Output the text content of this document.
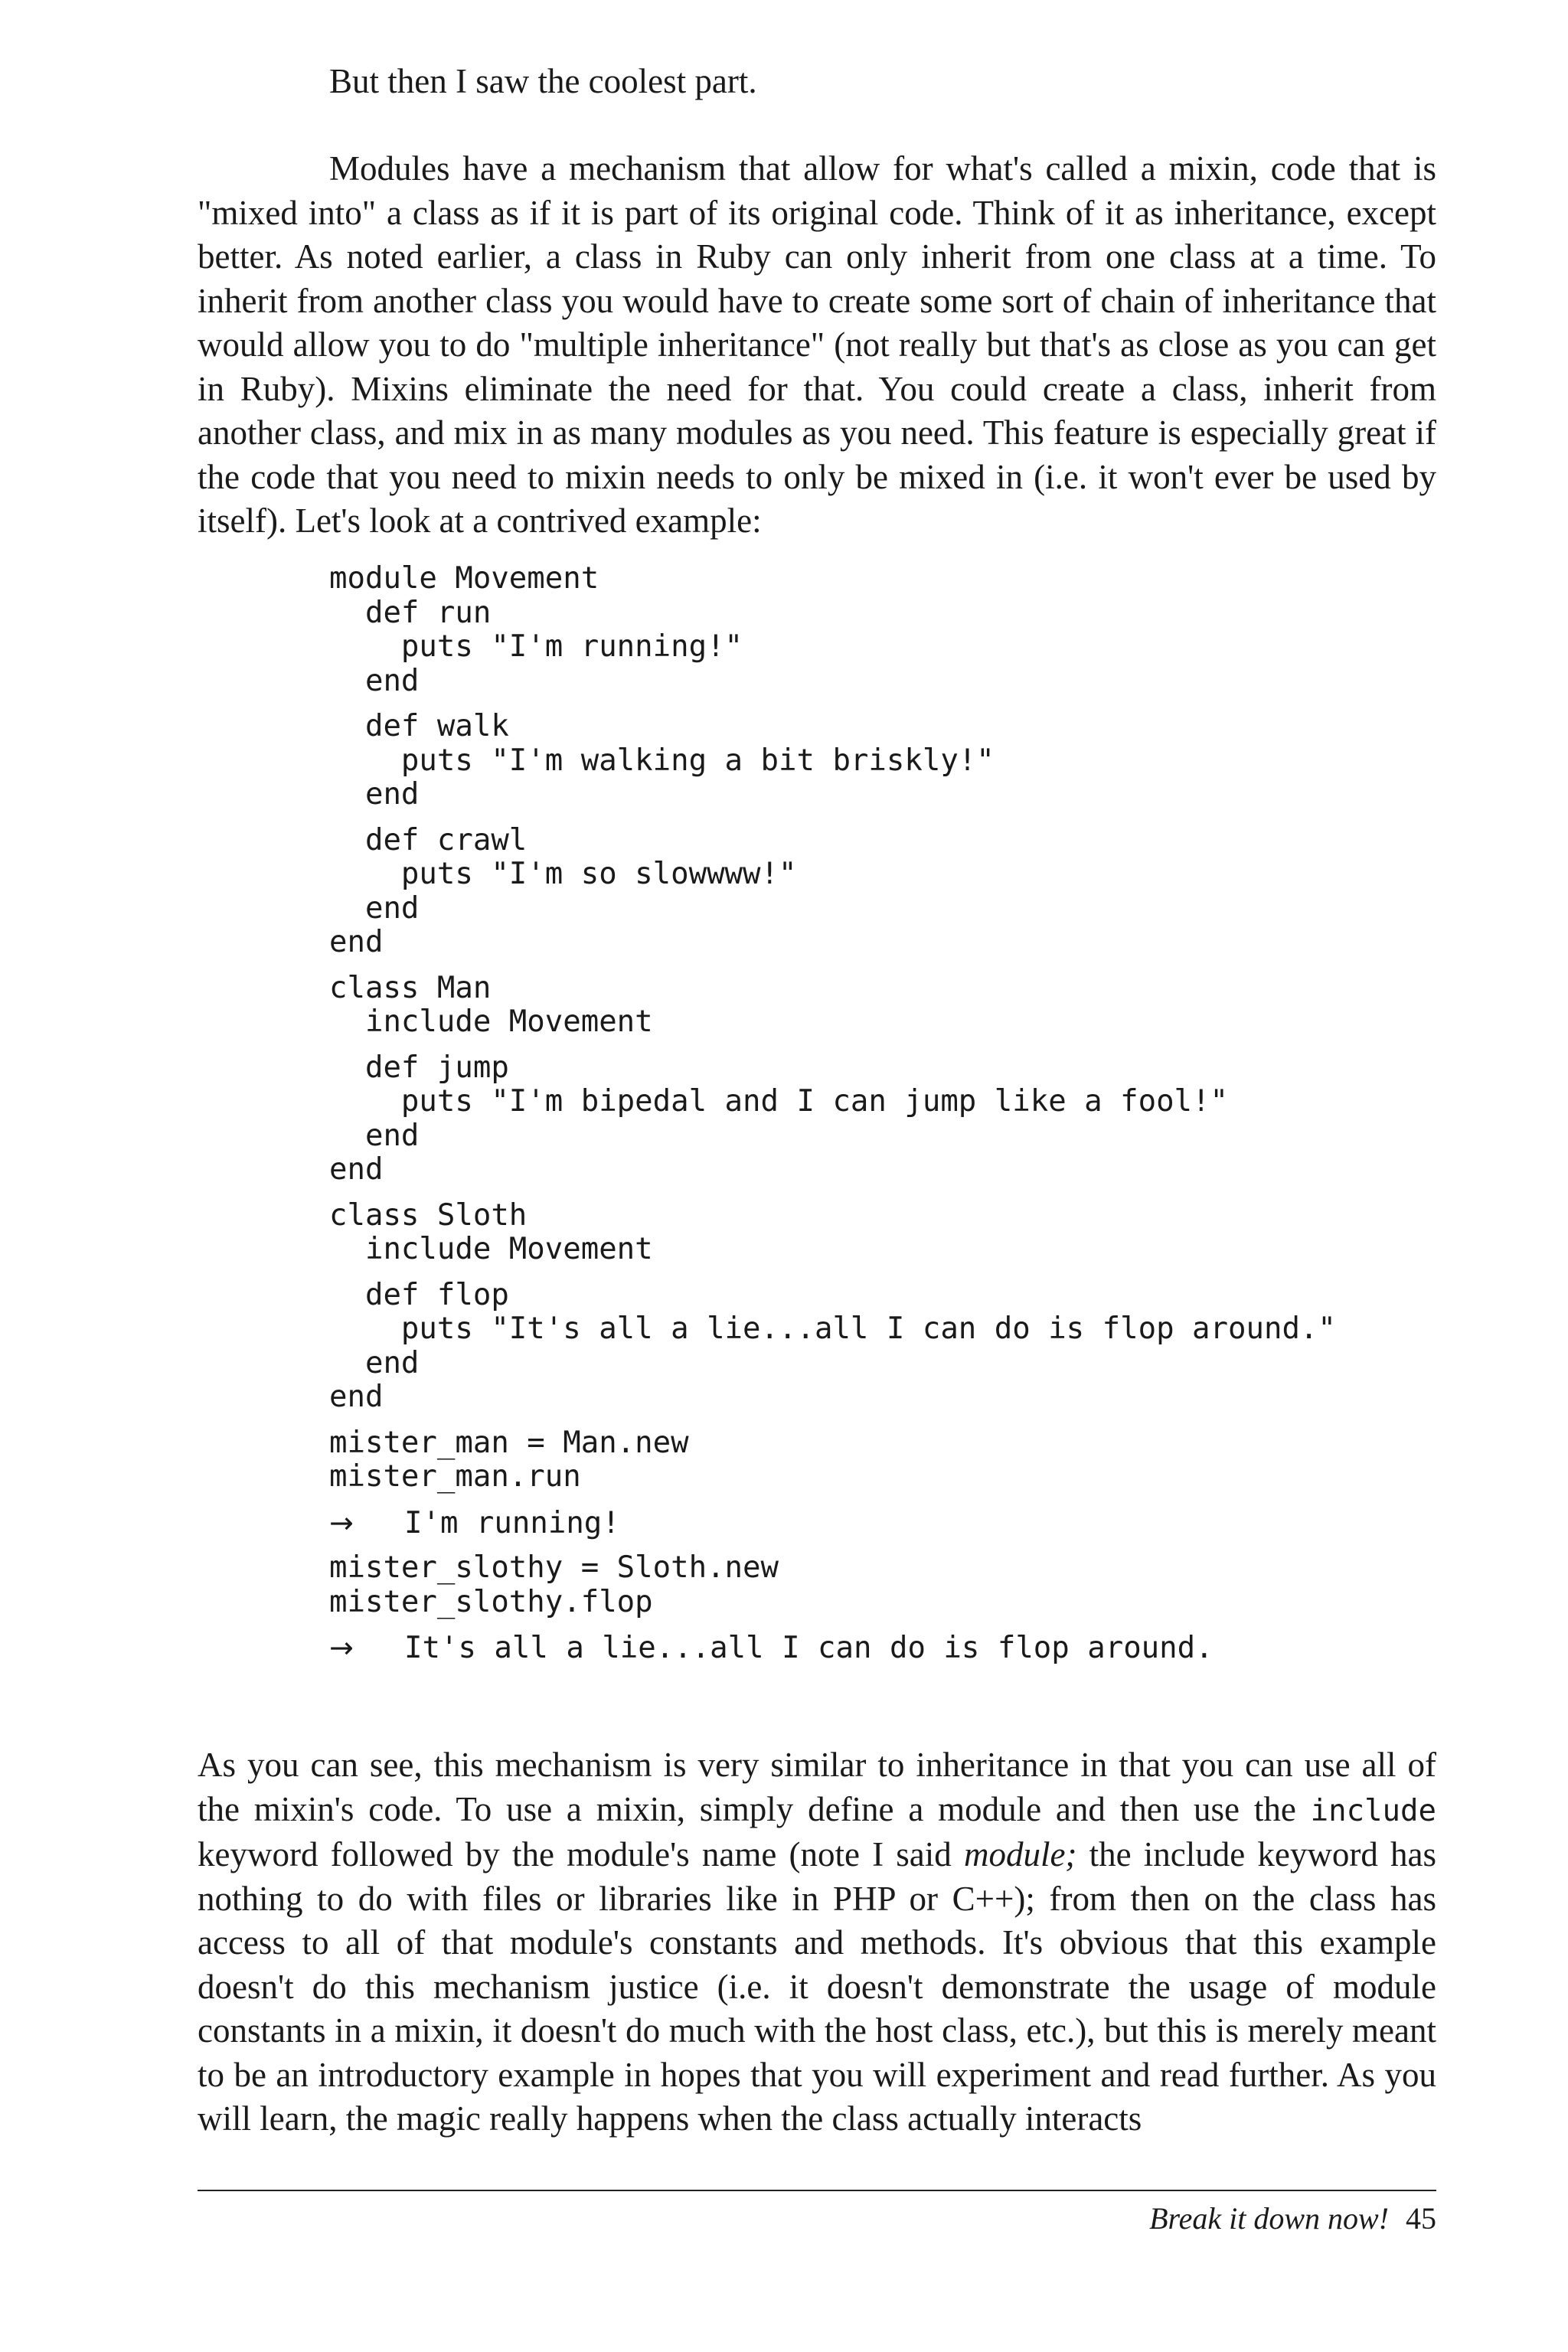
But then I saw the coolest part.

Modules have a mechanism that allow for what's called a mixin, code that is "mixed into" a class as if it is part of its original code. Think of it as inheritance, except better. As noted earlier, a class in Ruby can only inherit from one class at a time. To inherit from another class you would have to create some sort of chain of inheritance that would allow you to do "multiple inheritance" (not really but that's as close as you can get in Ruby). Mixins eliminate the need for that. You could create a class, inherit from another class, and mix in as many modules as you need. This feature is especially great if the code that you need to mixin needs to only be mixed in (i.e. it won't ever be used by itself). Let's look at a contrived example:

module Movement
def run
puts "I'm running!"
end
def walk
puts "I'm walking a bit briskly!"
end
def crawl
puts "I'm so slowwww!"
end
end
class Man
include Movement
def jump
puts "I'm bipedal and I can jump like a fool!"
end
end
class Sloth
include Movement
def flop
puts "It's all a lie...all I can do is flop around."
end
end
mister_man = Man.new
mister_man.run
→	I'm running!
mister_slothy = Sloth.new
mister_slothy.flop
→	It's all a lie...all I can do is flop around.

As you can see, this mechanism is very similar to inheritance in that you can use all of the mixin's code. To use a mixin, simply define a module and then use the include keyword followed by the module's name (note I said module; the include keyword has nothing to do with files or libraries like in PHP or C++); from then on the class has access to all of that module's constants and methods. It's obvious that this example doesn't do this mechanism justice (i.e. it doesn't demonstrate the usage of module constants in a mixin, it doesn't do much with the host class, etc.), but this is merely meant to be an introductory example in hopes that you will experiment and read further. As you will learn, the magic really happens when the class actually interacts

Break it down now! 45
